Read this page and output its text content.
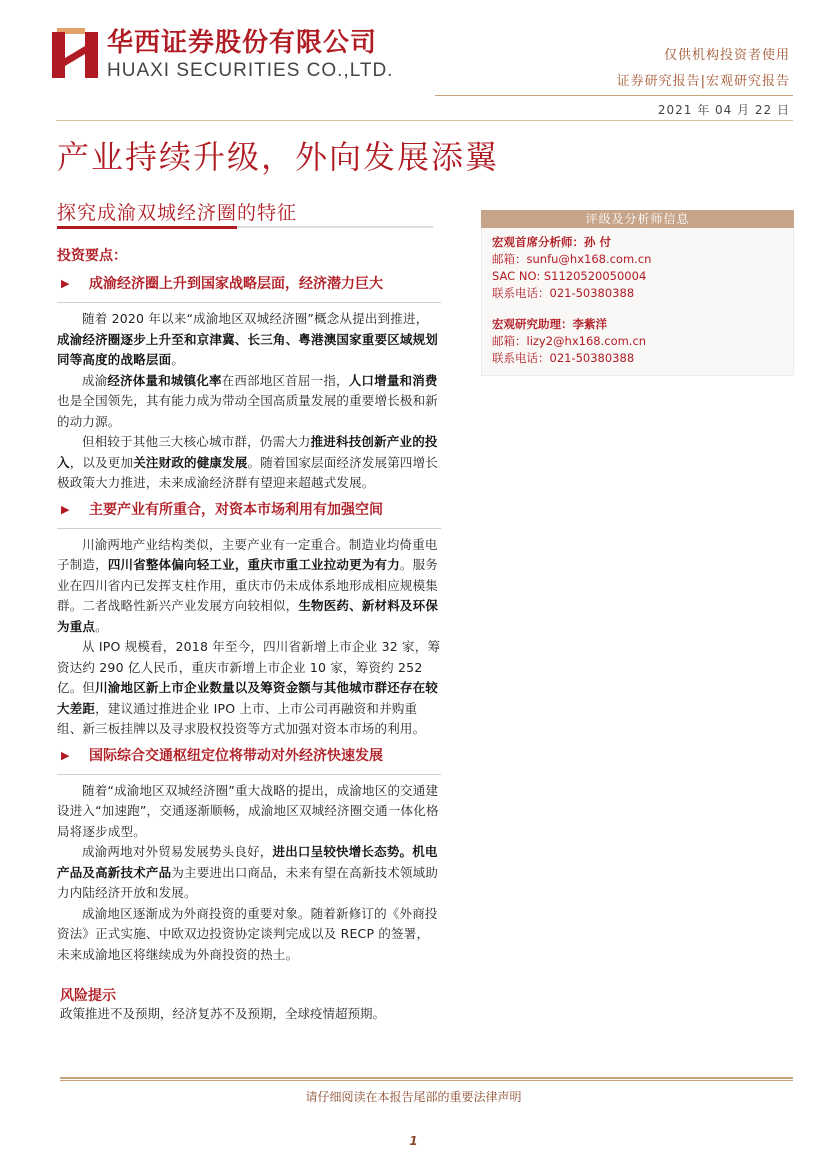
华西证券股份有限公司
HUAXI SECURITIES CO.,LTD.
仅供机构投资者使用
证券研究报告|宏观研究报告
2021 年 04 月 22 日
产业持续升级，外向发展添翼
探究成渝双城经济圈的特征
投资要点：
▶ 成渝经济圈上升到国家战略层面，经济潜力巨大

随着 2020 年以来“成渝地区双城经济圈”概念从提出到推进，成渝经济圈逐步上升至和京津冀、长三角、粤港澳国家重要区域规划同等高度的战略层面。

成渝经济体量和城镇化率在西部地区首屈一指，人口增量和消费也是全国领先，其有能力成为带动全国高质量发展的重要增长极和新的动力源。

但相较于其他三大核心城市群，仍需大力推进科技创新产业的投入，以及更加关注财政的健康发展。随着国家层面经济发展第四增长极政策大力推进，未来成渝经济群有望迎来超越式发展。

▶ 主要产业有所重合，对资本市场利用有加强空间

川渝两地产业结构类似，主要产业有一定重合。制造业均倚重电子制造，四川省整体偏向轻工业，重庆市重工业拉动更为有力。服务业在四川省内已发挥支柱作用，重庆市仍未成体系地形成相应规模集群。二者战略性新兴产业发展方向较相似，生物医药、新材料及环保为重点。

从 IPO 规模看，2018 年至今，四川省新增上市企业 32 家，筹资达约 290 亿人民币，重庆市新增上市企业 10 家，筹资约 252 亿。但川渝地区新上市企业数量以及筹资金额与其他城市群还存在较大差距，建议通过推进企业 IPO 上市、上市公司再融资和并购重组、新三板挂牌以及寻求股权投资等方式加强对资本市场的利用。

▶ 国际综合交通枢纽定位将带动对外经济快速发展

随着“成渝地区双城经济圈”重大战略的提出，成渝地区的交通建设进入“加速跑”，交通逐渐顺畅，成渝地区双城经济圈交通一体化格局将逐步成型。

成渝两地对外贸易发展势头良好，进出口呈较快增长态势。机电产品及高新技术产品为主要进出口商品，未来有望在高新技术领域助力内陆经济开放和发展。

成渝地区逐渐成为外商投资的重要对象。随着新修订的《外商投资法》正式实施、中欧双边投资协定谈判完成以及 RECP 的签署，未来成渝地区将继续成为外商投资的热土。

风险提示
政策推进不及预期，经济复苏不及预期，全球疫情超预期。
评级及分析师信息
宏观首席分析师：孙 付
邮箱：sunfu@hx168.com.cn
SAC NO: S1120520050004
联系电话：021-50380388
宏观研究助理：李紫洋
邮箱：lizy2@hx168.com.cn
联系电话：021-50380388
请仔细阅读在本报告尾部的重要法律声明
1
